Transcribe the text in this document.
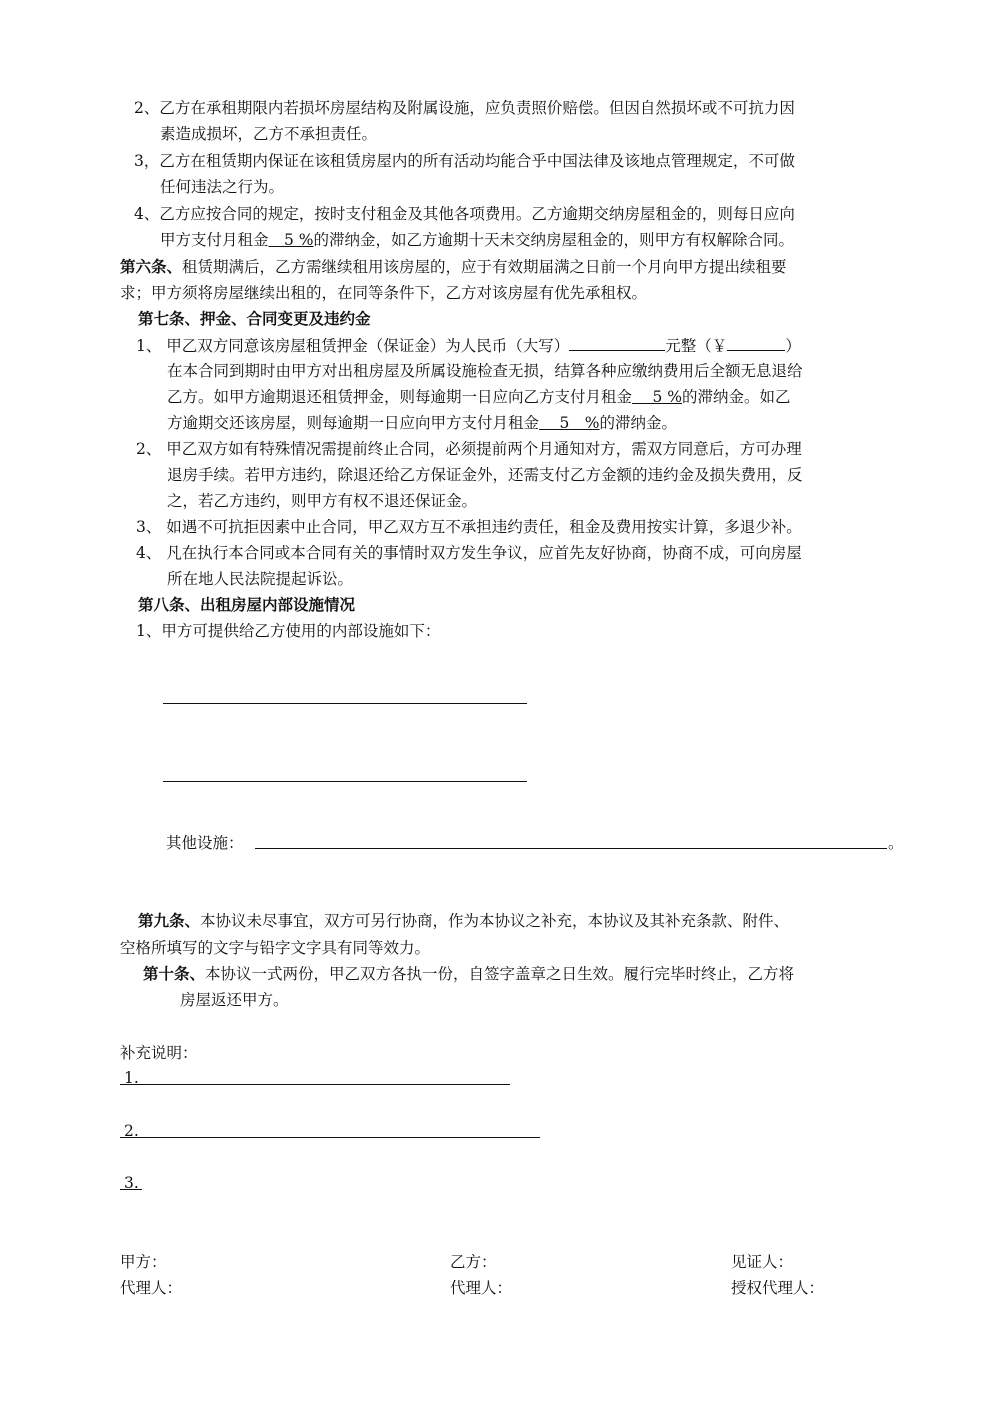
2、乙方在承租期限内若损坏房屋结构及附属设施，应负责照价赔偿。但因自然损坏或不可抗力因
素造成损坏，乙方不承担责任。
3，乙方在租赁期内保证在该租赁房屋内的所有活动均能合乎中国法律及该地点管理规定，不可做
任何违法之行为。
4、乙方应按合同的规定，按时支付租金及其他各项费用。乙方逾期交纳房屋租金的，则每日应向
甲方支付月租金　5 %的滞纳金，如乙方逾期十天未交纳房屋租金的，则甲方有权解除合同。
第六条、租赁期满后，乙方需继续租用该房屋的，应于有效期届满之日前一个月向甲方提出续租要
求；甲方须将房屋继续出租的，在同等条件下，乙方对该房屋有优先承租权。
第七条、押金、合同变更及违约金
1、 甲乙双方同意该房屋租赁押金（保证金）为人民币（大写）	元整（￥	）
在本合同到期时由甲方对出租房屋及所属设施检查无损，结算各种应缴纳费用后全额无息退给
乙方。如甲方逾期退还租赁押金，则每逾期一日应向乙方支付月租金　 5 %的滞纳金。如乙
方逾期交还该房屋，则每逾期一日应向甲方支付月租金　 5　%的滞纳金。
2、 甲乙双方如有特殊情况需提前终止合同，必须提前两个月通知对方，需双方同意后，方可办理
退房手续。若甲方违约，除退还给乙方保证金外，还需支付乙方金额的违约金及损失费用，反
之，若乙方违约，则甲方有权不退还保证金。
3、 如遇不可抗拒因素中止合同，甲乙双方互不承担违约责任，租金及费用按实计算，多退少补。
4、 凡在执行本合同或本合同有关的事情时双方发生争议，应首先友好协商，协商不成，可向房屋
所在地人民法院提起诉讼。
第八条、出租房屋内部设施情况
1、甲方可提供给乙方使用的内部设施如下：
其他设施：	。
第九条、本协议未尽事宜，双方可另行协商，作为本协议之补充，本协议及其补充条款、附件、
空格所填写的文字与铅字文字具有同等效力。
第十条、本协议一式两份，甲乙双方各执一份，自签字盖章之日生效。履行完毕时终止，乙方将
房屋返还甲方。
补充说明：
1.
2.
3.
甲方：	乙方：	见证人：
代理人：	代理人：	授权代理人：
